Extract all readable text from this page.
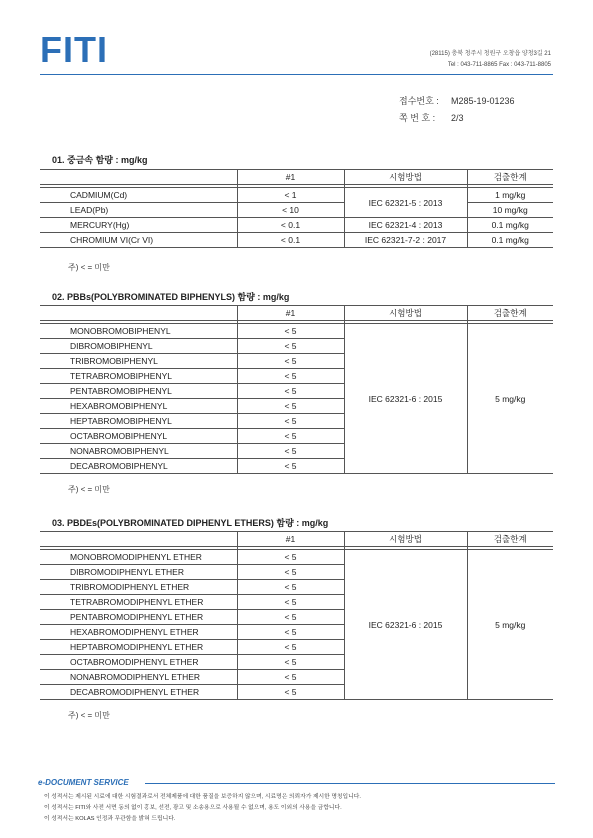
FITI	(28115) 충북 청주시 청원구 오창읍 양청3길 21
Tel : 043-711-8865 Fax : 043-711-8805
접수번호 : M285-19-01236
쪽 번 호 : 2/3
01. 중금속 함량 : mg/kg
	#1	시험방법	검출한계

CADMIUM(Cd)	< 1	IEC 62321-5 : 2013	1 mg/kg
LEAD(Pb)	< 10		10 mg/kg
MERCURY(Hg)	< 0.1	IEC 62321-4 : 2013	0.1 mg/kg
CHROMIUM VI(Cr VI)	< 0.1	IEC 62321-7-2 : 2017	0.1 mg/kg
주) < = 미만
02. PBBs(POLYBROMINATED BIPHENYLS) 함량 : mg/kg
	#1	시험방법	검출한계

MONOBROMOBIPHENYL	< 5	IEC 62321-6 : 2015	5 mg/kg
DIBROMOBIPHENYL	< 5		
TRIBROMOBIPHENYL	< 5		
TETRABROMOBIPHENYL	< 5		
PENTABROMOBIPHENYL	< 5		
HEXABROMOBIPHENYL	< 5		
HEPTABROMOBIPHENYL	< 5		
OCTABROMOBIPHENYL	< 5		
NONABROMOBIPHENYL	< 5		
DECABROMOBIPHENYL	< 5		
주) < = 미만
03. PBDEs(POLYBROMINATED DIPHENYL ETHERS) 함량 : mg/kg
	#1	시험방법	검출한계

MONOBROMODIPHENYL ETHER	< 5	IEC 62321-6 : 2015	5 mg/kg
DIBROMODIPHENYL ETHER	< 5		
TRIBROMODIPHENYL ETHER	< 5		
TETRABROMODIPHENYL ETHER	< 5		
PENTABROMODIPHENYL ETHER	< 5		
HEXABROMODIPHENYL ETHER	< 5		
HEPTABROMODIPHENYL ETHER	< 5		
OCTABROMODIPHENYL ETHER	< 5		
NONABROMODIPHENYL ETHER	< 5		
DECABROMODIPHENYL ETHER	< 5		
주) < = 미만
e-DOCUMENT SERVICE
이 성적서는 제시된 시료에 대한 시험결과로서 전체제품에 대한 품질을 보증하지 않으며, 시료명은 의뢰자가 제시한 명칭입니다.
이 성적서는 FITI와 사전 서면 동의 없이 홍보, 선전, 광고 및 소송용으로 사용될 수 없으며, 용도 이외의 사용을 금합니다.
이 성적서는 KOLAS 인정과 무관함을 밝혀 드립니다.
